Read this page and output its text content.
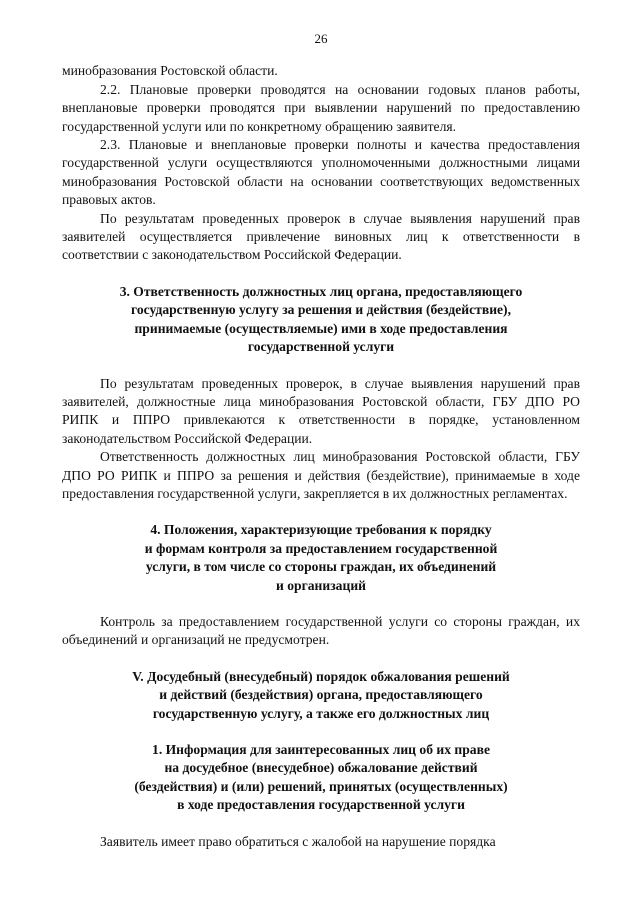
26

минобразования Ростовской области.

2.2. Плановые проверки проводятся на основании годовых планов работы, внеплановые проверки проводятся при выявлении нарушений по предоставлению государственной услуги или по конкретному обращению заявителя.

2.3. Плановые и внеплановые проверки полноты и качества предоставления государственной услуги осуществляются уполномоченными должностными лицами минобразования Ростовской области на основании соответствующих ведомственных правовых актов.

По результатам проведенных проверок в случае выявления нарушений прав заявителей осуществляется привлечение виновных лиц к ответственности в соответствии с законодательством Российской Федерации.

3. Ответственность должностных лиц органа, предоставляющего
государственную услугу за решения и действия (бездействие),
принимаемые (осуществляемые) ими в ходе предоставления
государственной услуги

По результатам проведенных проверок, в случае выявления нарушений прав заявителей, должностные лица минобразования Ростовской области, ГБУ ДПО РО РИПК и ППРО привлекаются к ответственности в порядке, установленном законодательством Российской Федерации.

Ответственность должностных лиц минобразования Ростовской области, ГБУ ДПО РО РИПК и ППРО за решения и действия (бездействие), принимаемые в ходе предоставления государственной услуги, закрепляется в их должностных регламентах.

4. Положения, характеризующие требования к порядку
и формам контроля за предоставлением государственной
услуги, в том числе со стороны граждан, их объединений
и организаций

Контроль за предоставлением государственной услуги со стороны граждан, их объединений и организаций не предусмотрен.

V. Досудебный (внесудебный) порядок обжалования решений
и действий (бездействия) органа, предоставляющего
государственную услугу, а также его должностных лиц
1. Информация для заинтересованных лиц об их праве
на досудебное (внесудебное) обжалование действий
(бездействия) и (или) решений, принятых (осуществленных)
в ходе предоставления государственной услуги

Заявитель имеет право обратиться с жалобой на нарушение порядка
